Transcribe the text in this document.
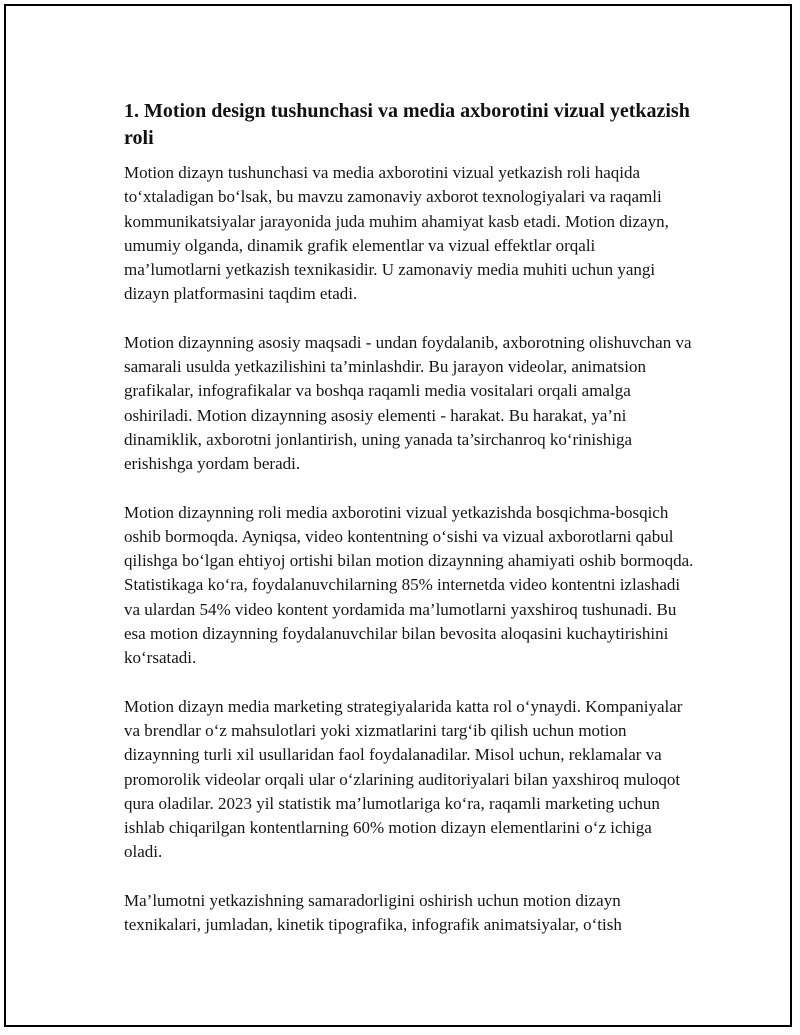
1. Motion design tushunchasi va media axborotini vizual yetkazish roli

Motion dizayn tushunchasi va media axborotini vizual yetkazish roli haqida to‘xtaladigan bo‘lsak, bu mavzu zamonaviy axborot texnologiyalari va raqamli kommunikatsiyalar jarayonida juda muhim ahamiyat kasb etadi. Motion dizayn, umumiy olganda, dinamik grafik elementlar va vizual effektlar orqali ma’lumotlarni yetkazish texnikasidir. U zamonaviy media muhiti uchun yangi dizayn platformasini taqdim etadi.

Motion dizaynning asosiy maqsadi - undan foydalanib, axborotning olishuvchan va samarali usulda yetkazilishini ta’minlashdir. Bu jarayon videolar, animatsion grafikalar, infografikalar va boshqa raqamli media vositalari orqali amalga oshiriladi. Motion dizaynning asosiy elementi - harakat. Bu harakat, ya’ni dinamiklik, axborotni jonlantirish, uning yanada ta’sirchanroq ko‘rinishiga erishishga yordam beradi.

Motion dizaynning roli media axborotini vizual yetkazishda bosqichma-bosqich oshib bormoqda. Ayniqsa, video kontentning o‘sishi va vizual axborotlarni qabul qilishga bo‘lgan ehtiyoj ortishi bilan motion dizaynning ahamiyati oshib bormoqda. Statistikaga ko‘ra, foydalanuvchilarning 85% internetda video kontentni izlashadi va ulardan 54% video kontent yordamida ma’lumotlarni yaxshiroq tushunadi. Bu esa motion dizaynning foydalanuvchilar bilan bevosita aloqasini kuchaytirishini ko‘rsatadi.

Motion dizayn media marketing strategiyalarida katta rol o‘ynaydi. Kompaniyalar va brendlar o‘z mahsulotlari yoki xizmatlarini targ‘ib qilish uchun motion dizaynning turli xil usullaridan faol foydalanadilar. Misol uchun, reklamalar va promorolik videolar orqali ular o‘zlarining auditoriyalari bilan yaxshiroq muloqot qura oladilar. 2023 yil statistik ma’lumotlariga ko‘ra, raqamli marketing uchun ishlab chiqarilgan kontentlarning 60% motion dizayn elementlarini o‘z ichiga oladi.

Ma’lumotni yetkazishning samaradorligini oshirish uchun motion dizayn texnikalari, jumladan, kinetik tipografika, infografik animatsiyalar, o‘tish
